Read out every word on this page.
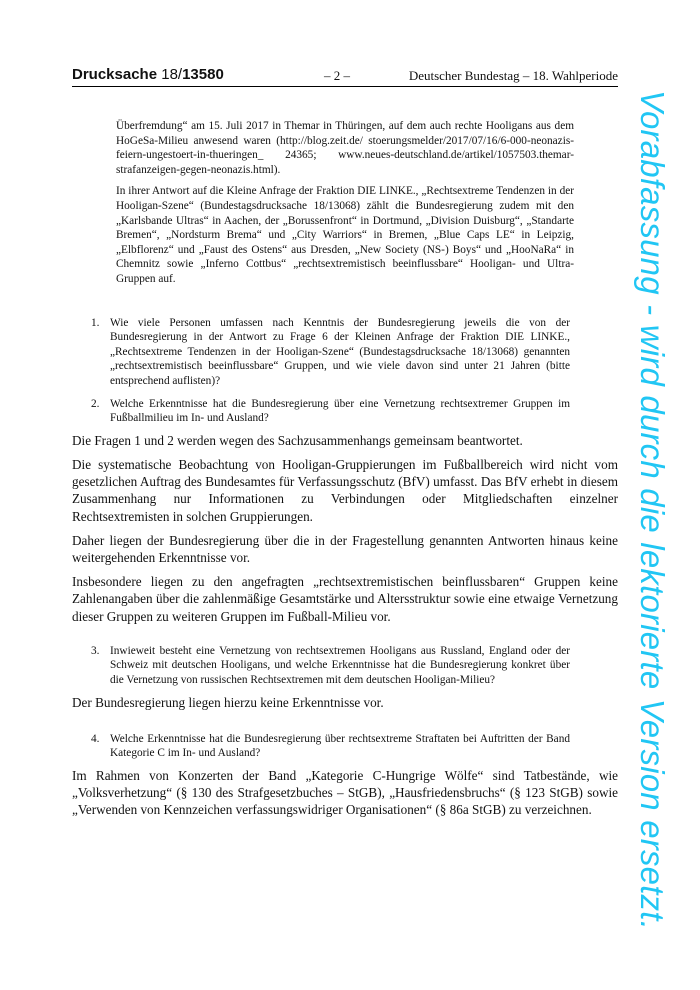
Drucksache 18/13580	– 2 –	Deutscher Bundestag – 18. Wahlperiode

Überfremdung“ am 15. Juli 2017 in Themar in Thüringen, auf dem auch rechte Hooligans aus dem HoGeSa-Milieu anwesend waren (http://blog.zeit.de/ stoerungsmelder/2017/07/16/6-000-neonazis-feiern-ungestoert-in-thueringen_ 24365; www.neues-deutschland.de/artikel/1057503.themar-strafanzeigen-gegen-neonazis.html).

In ihrer Antwort auf die Kleine Anfrage der Fraktion DIE LINKE., „Rechtsextreme Tendenzen in der Hooligan-Szene“ (Bundestagsdrucksache 18/13068) zählt die Bundesregierung zudem mit den „Karlsbande Ultras“ in Aachen, der „Borussenfront“ in Dortmund, „Division Duisburg“, „Standarte Bremen“, „Nordsturm Brema“ und „City Warriors“ in Bremen, „Blue Caps LE“ in Leipzig, „Elbflorenz“ und „Faust des Ostens“ aus Dresden, „New Society (NS-) Boys“ und „HooNaRa“ in Chemnitz sowie „Inferno Cottbus“ „rechtsextremistisch beeinflussbare“ Hooligan- und Ultra-Gruppen auf.

1. Wie viele Personen umfassen nach Kenntnis der Bundesregierung jeweils die von der Bundesregierung in der Antwort zu Frage 6 der Kleinen Anfrage der Fraktion DIE LINKE., „Rechtsextreme Tendenzen in der Hooligan-Szene“ (Bundestagsdrucksache 18/13068) genannten „rechtsextremistisch beeinflussbare“ Gruppen, und wie viele davon sind unter 21 Jahren (bitte entsprechend auflisten)?
2. Welche Erkenntnisse hat die Bundesregierung über eine Vernetzung rechtsextremer Gruppen im Fußballmilieu im In- und Ausland?

Die Fragen 1 und 2 werden wegen des Sachzusammenhangs gemeinsam beantwortet.

Die systematische Beobachtung von Hooligan-Gruppierungen im Fußballbereich wird nicht vom gesetzlichen Auftrag des Bundesamtes für Verfassungsschutz (BfV) umfasst. Das BfV erhebt in diesem Zusammenhang nur Informationen zu Verbindungen oder Mitgliedschaften einzelner Rechtsextremisten in solchen Gruppierungen.

Daher liegen der Bundesregierung über die in der Fragestellung genannten Antworten hinaus keine weitergehenden Erkenntnisse vor.

Insbesondere liegen zu den angefragten „rechtsextremistischen beinflussbaren“ Gruppen keine Zahlenangaben über die zahlenmäßige Gesamtstärke und Altersstruktur sowie eine etwaige Vernetzung dieser Gruppen zu weiteren Gruppen im Fußball-Milieu vor.

3. Inwieweit besteht eine Vernetzung von rechtsextremen Hooligans aus Russland, England oder der Schweiz mit deutschen Hooligans, und welche Erkenntnisse hat die Bundesregierung konkret über die Vernetzung von russischen Rechtsextremen mit dem deutschen Hooligan-Milieu?

Der Bundesregierung liegen hierzu keine Erkenntnisse vor.

4. Welche Erkenntnisse hat die Bundesregierung über rechtsextreme Straftaten bei Auftritten der Band Kategorie C im In- und Ausland?

Im Rahmen von Konzerten der Band „Kategorie C-Hungrige Wölfe“ sind Tatbestände, wie „Volksverhetzung“ (§ 130 des Strafgesetzbuches – StGB), „Hausfriedensbruchs“ (§ 123 StGB) sowie „Verwenden von Kennzeichen verfassungswidriger Organisationen“ (§ 86a StGB) zu verzeichnen.	Vorabfassung - wird durch die lektorierte Version ersetzt.
